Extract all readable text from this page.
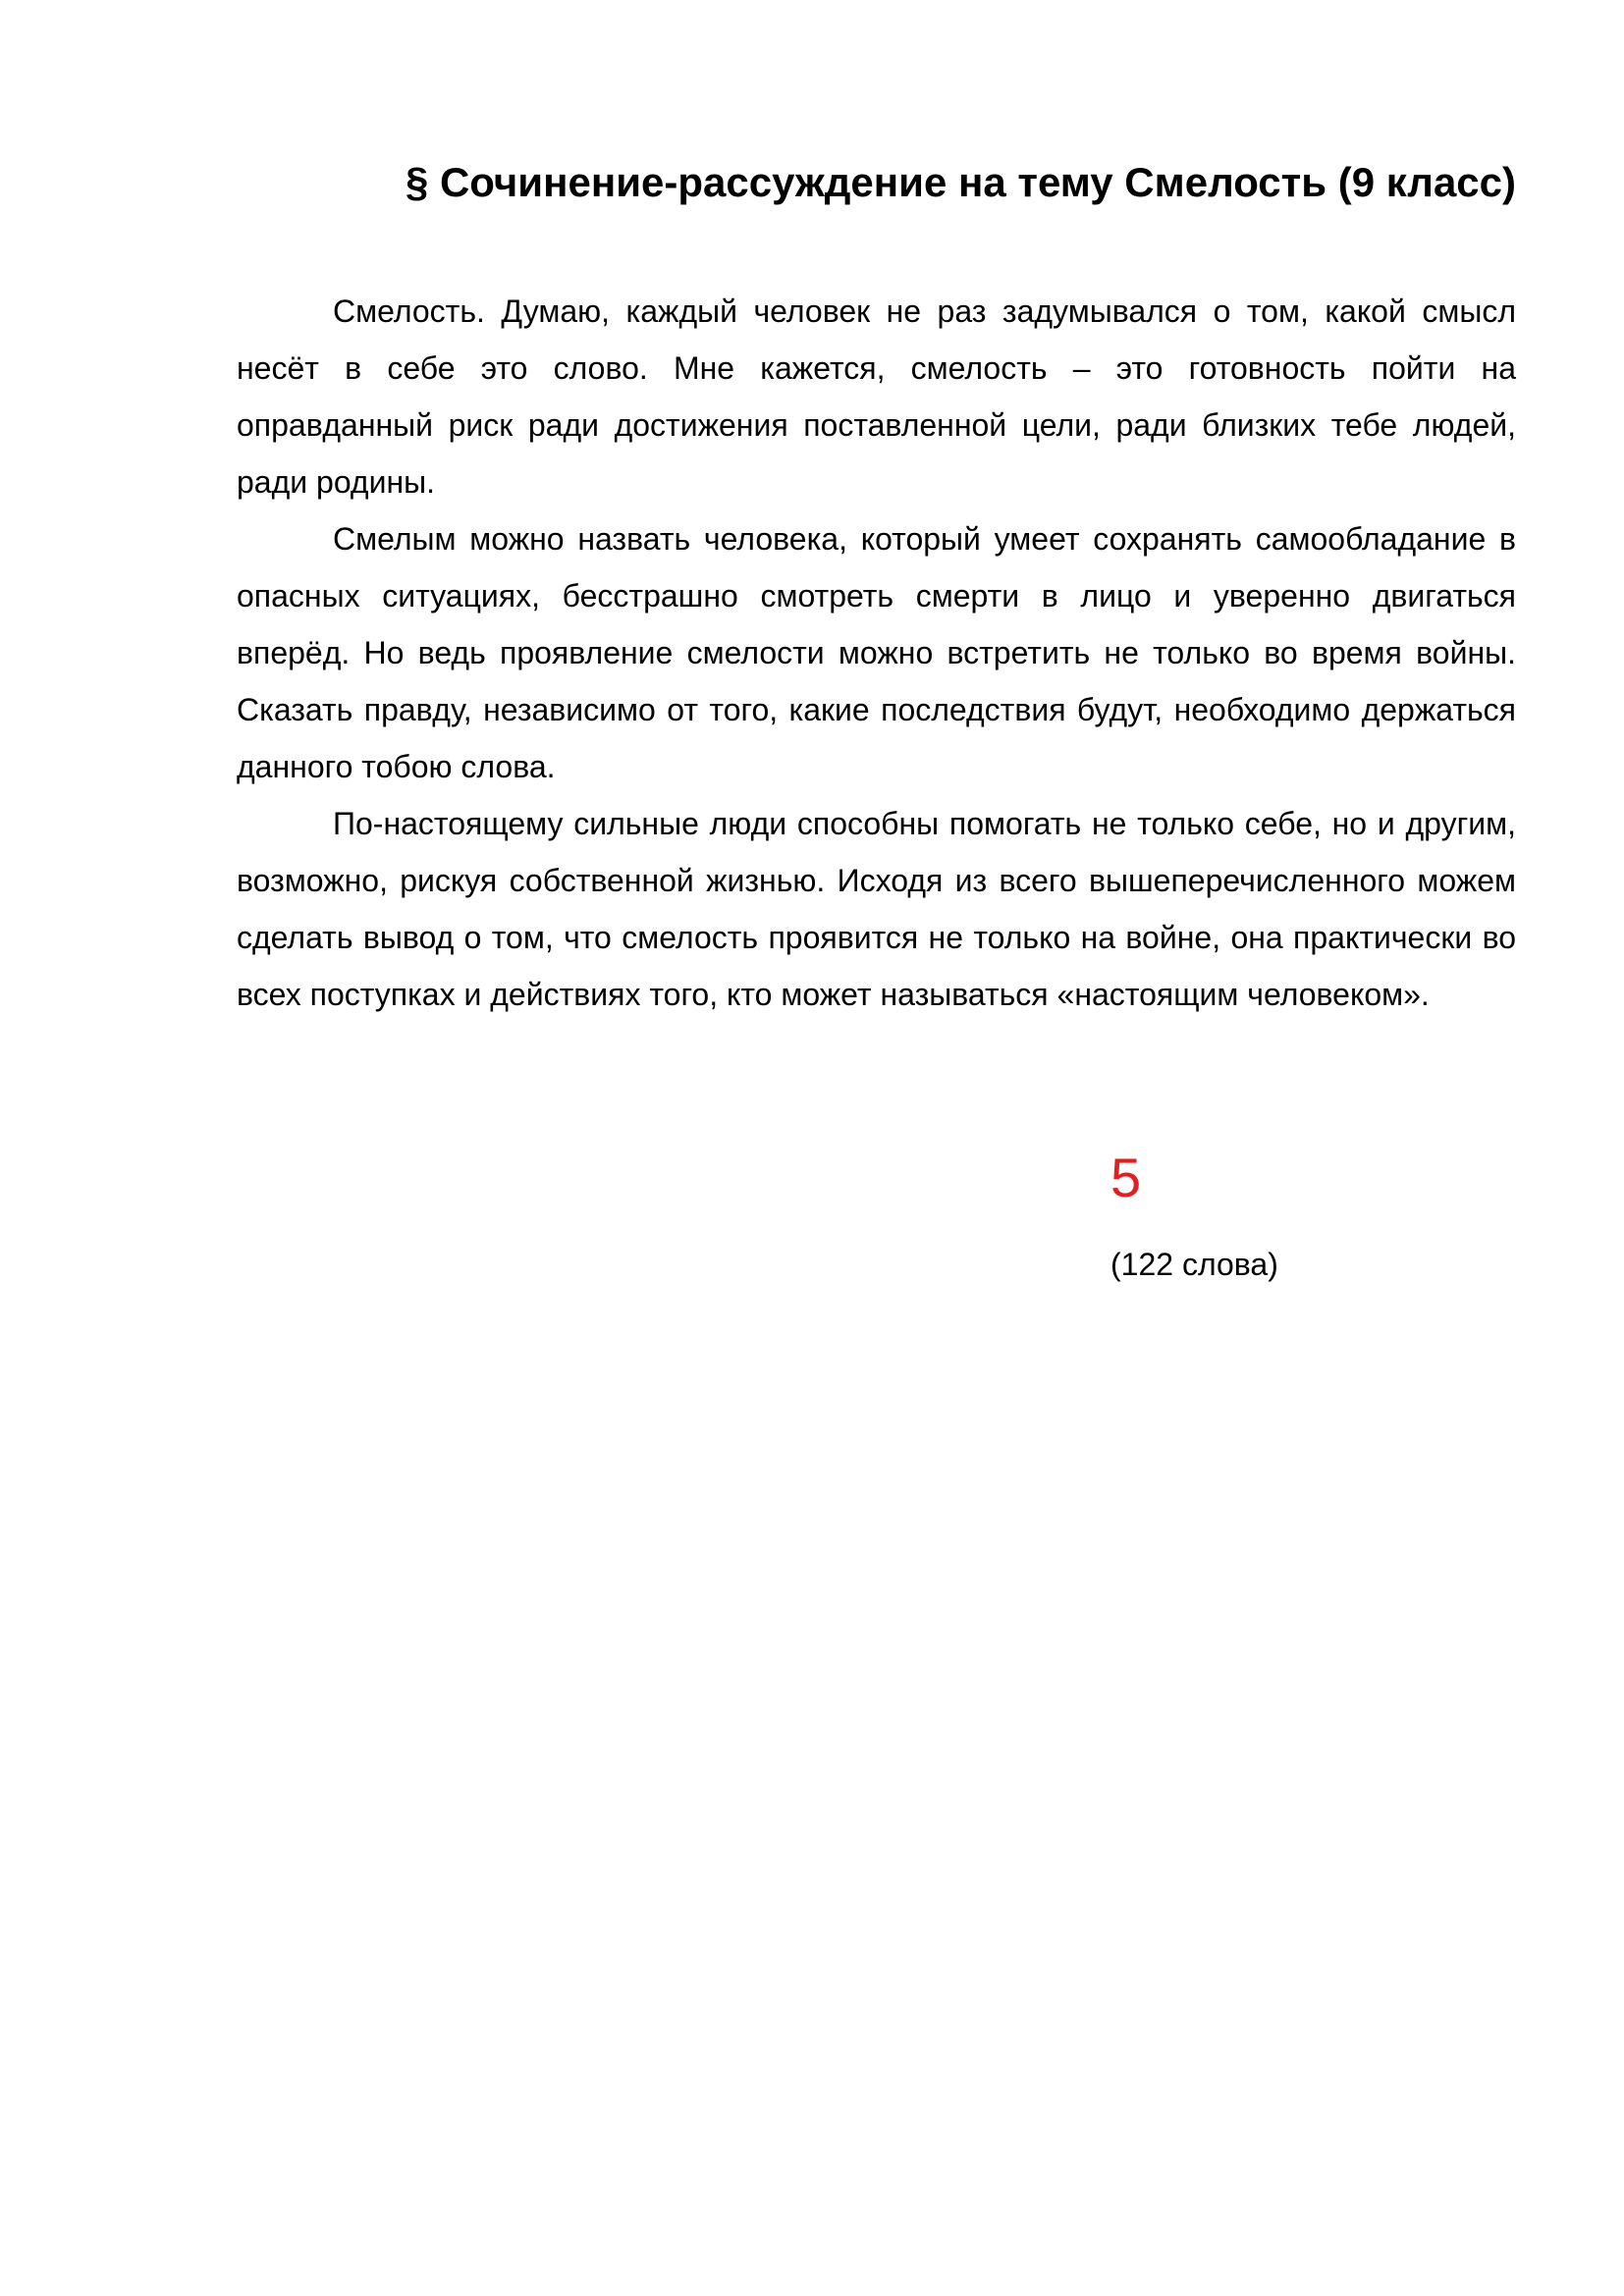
§ Сочинение-рассуждение на тему Смелость (9 класс)

Смелость. Думаю, каждый человек не раз задумывался о том, какой смысл несёт в себе это слово. Мне кажется, смелость – это готовность пойти на оправданный риск ради достижения поставленной цели, ради близких тебе людей, ради родины.

Смелым можно назвать человека, который умеет сохранять самообладание в опасных ситуациях, бесстрашно смотреть смерти в лицо и уверенно двигаться вперёд. Но ведь проявление смелости можно встретить не только во время войны. Сказать правду, независимо от того, какие последствия будут, необходимо держаться данного тобою слова.

По-настоящему сильные люди способны помогать не только себе, но и другим, возможно, рискуя собственной жизнью. Исходя из всего вышеперечисленного можем сделать вывод о том, что смелость проявится не только на войне, она практически во всех поступках и действиях того, кто может называться «настоящим человеком».

5
(122 слова)
